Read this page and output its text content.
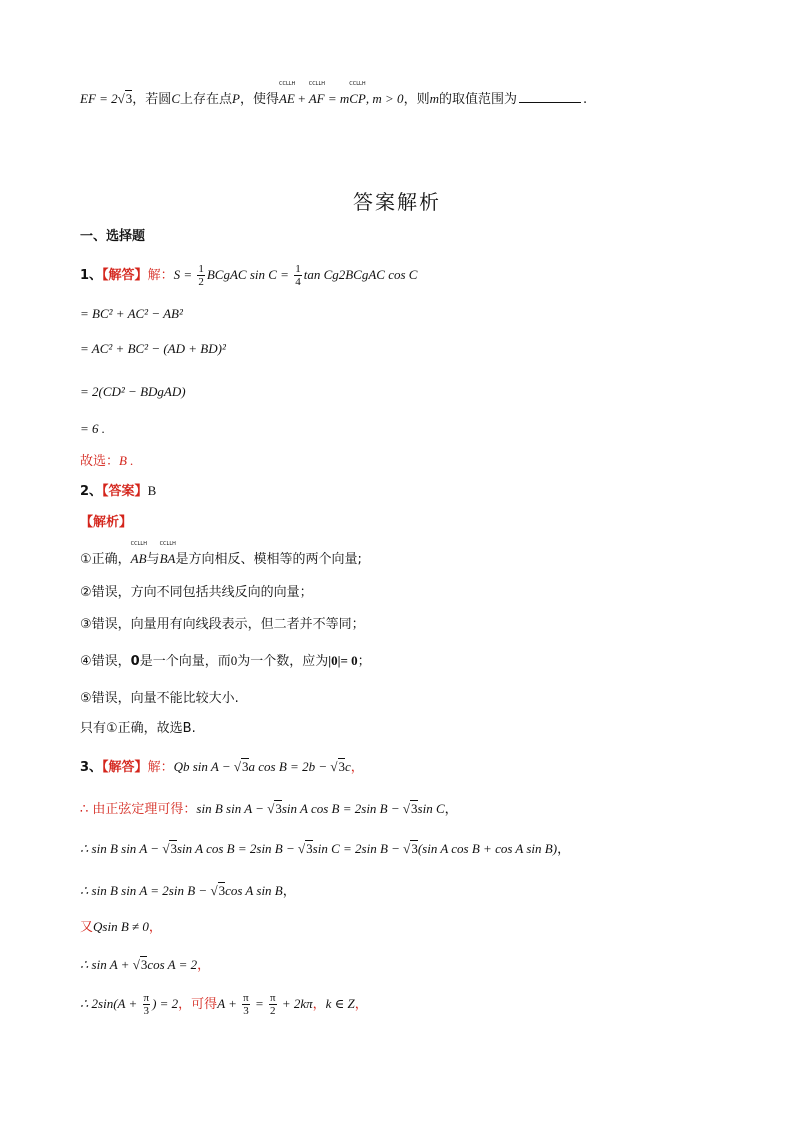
EF = 2√3，若圆C上存在点P，使得
CCLLH
AE +
CCLLH
AF = m
CCLLH
CP, m > 0，则m的取值范围为	.
答案解析
一、选择题
1、【解答】解：$S = \frac{1}{2}$ BCgAC $\sin C = \frac{1}{4}$ tan Cg2BCgAC cos C
= BC² + AC² − AB²
= AC² + BC² − (AD + BD)²
= 2(CD² − BDgAD)
= 6 .
故选：B .
2、【答案】B
【解析】
①正确，
CCLLH
AB与
CCLLH
BA是方向相反、模相等的两个向量;
②错误，方向不同包括共线反向的向量；
③错误，向量用有向线段表示，但二者并不等同；
④错误，0是一个向量，而0为一个数，应为|0|= 0；
⑤错误，向量不能比较大小.
只有①正确，故选B.
3、【解答】解：Qb sin A − √3a cos B = 2b − √3c，
∴ 由正弦定理可得：sin B sin A − √3sin A cos B = 2sin B − √3sin C，
∴ sin B sin A − √3sin A cos B = 2sin B − √3sin C = 2sin B − √3(sin A cos B + cos A sin B)，
∴ sin B sin A = 2sin B − √3cos A sin B，
又Qsin B ≠ 0，
∴ sin A + √3cos A = 2，
∴ $2\sin(A + \frac{\pi}{3}$ ) = 2，可得$A + \frac{\pi}{3} = \frac{\pi}{2} + 2k\pi$，k ∈ Z，
